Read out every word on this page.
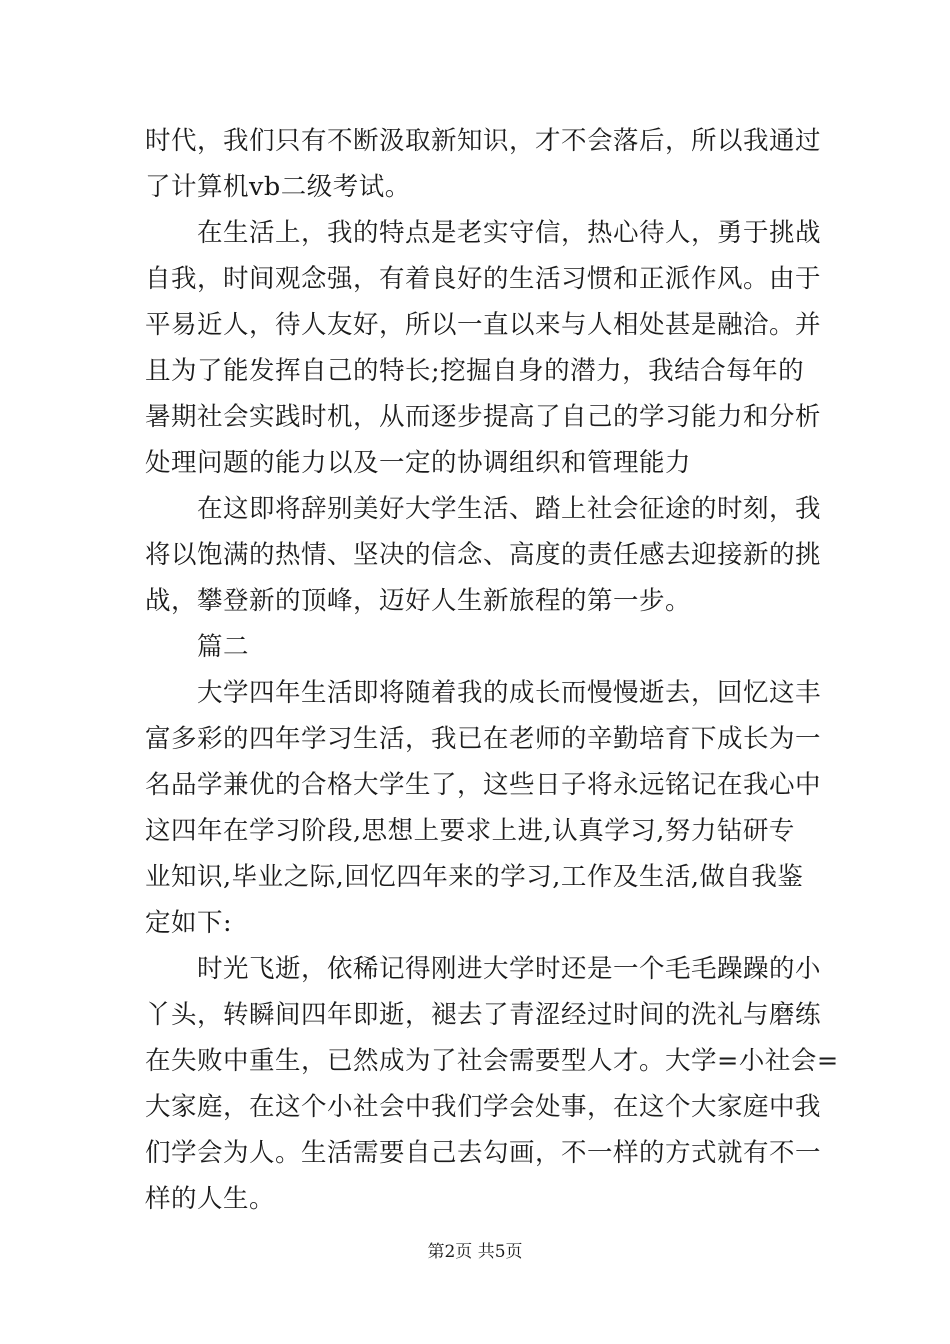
时代，我们只有不断汲取新知识，才不会落后，所以我通过
了计算机vb二级考试。
　　在生活上，我的特点是老实守信，热心待人，勇于挑战
自我，时间观念强，有着良好的生活习惯和正派作风。由于
平易近人，待人友好，所以一直以来与人相处甚是融洽。并
且为了能发挥自己的特长;挖掘自身的潜力，我结合每年的
暑期社会实践时机，从而逐步提高了自己的学习能力和分析
处理问题的能力以及一定的协调组织和管理能力
　　在这即将辞别美好大学生活、踏上社会征途的时刻，我
将以饱满的热情、坚决的信念、高度的责任感去迎接新的挑
战，攀登新的顶峰，迈好人生新旅程的第一步。
　　篇二
　　大学四年生活即将随着我的成长而慢慢逝去，回忆这丰
富多彩的四年学习生活，我已在老师的辛勤培育下成长为一
名品学兼优的合格大学生了，这些日子将永远铭记在我心中
这四年在学习阶段,思想上要求上进,认真学习,努力钻研专
业知识,毕业之际,回忆四年来的学习,工作及生活,做自我鉴
定如下:
　　时光飞逝，依稀记得刚进大学时还是一个毛毛躁躁的小
丫头，转瞬间四年即逝，褪去了青涩经过时间的洗礼与磨练
在失败中重生，已然成为了社会需要型人才。大学=小社会=
大家庭，在这个小社会中我们学会处事，在这个大家庭中我
们学会为人。生活需要自己去勾画，不一样的方式就有不一
样的人生。
第2页 共5页
